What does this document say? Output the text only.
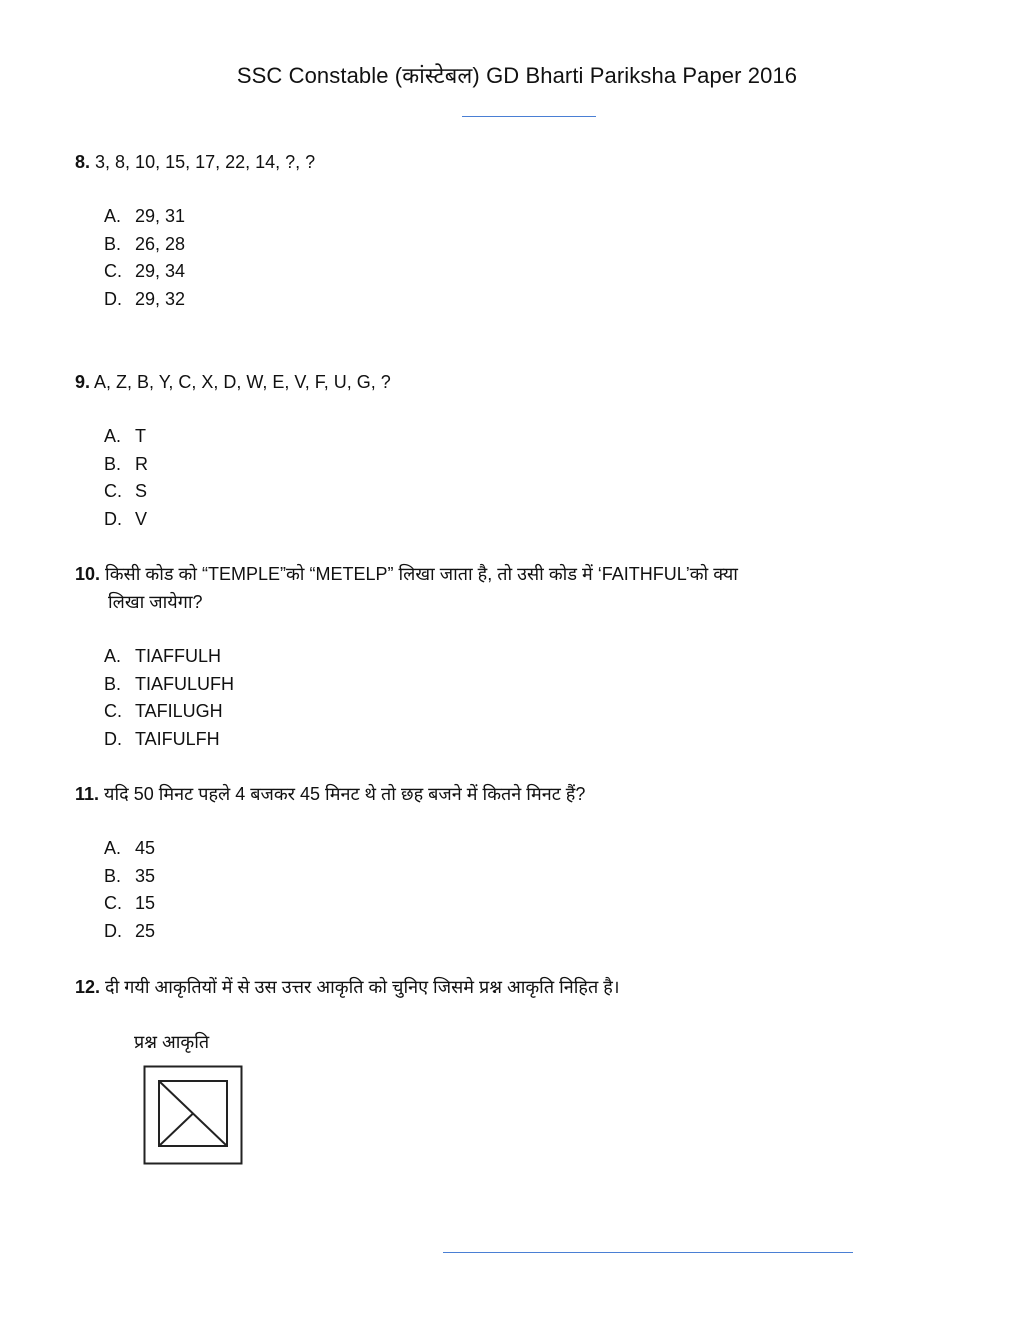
SSC Constable (कांस्टेबल) GD Bharti Pariksha Paper 2016
8. 3, 8, 10, 15, 17, 22, 14, ?, ?
A. 29, 31
B. 26, 28
C. 29, 34
D. 29, 32
9. A, Z, B, Y, C, X, D, W, E, V, F, U, G, ?
A. T
B. R
C. S
D. V
10. किसी कोड को “TEMPLE”को “METELP” लिखा जाता है, तो उसी कोड में ‘FAITHFUL’को क्या
लिखा जायेगा?
A. TIAFFULH
B. TIAFULUFH
C. TAFILUGH
D. TAIFULFH
11. यदि 50 मिनट पहले 4 बजकर 45 मिनट थे तो छह बजने में कितने मिनट हैं?
A. 45
B. 35
C. 15
D. 25
12. दी गयी आकृतियों में से उस उत्तर आकृति को चुनिए जिसमे प्रश्न आकृति निहित है।
प्रश्न आकृति
